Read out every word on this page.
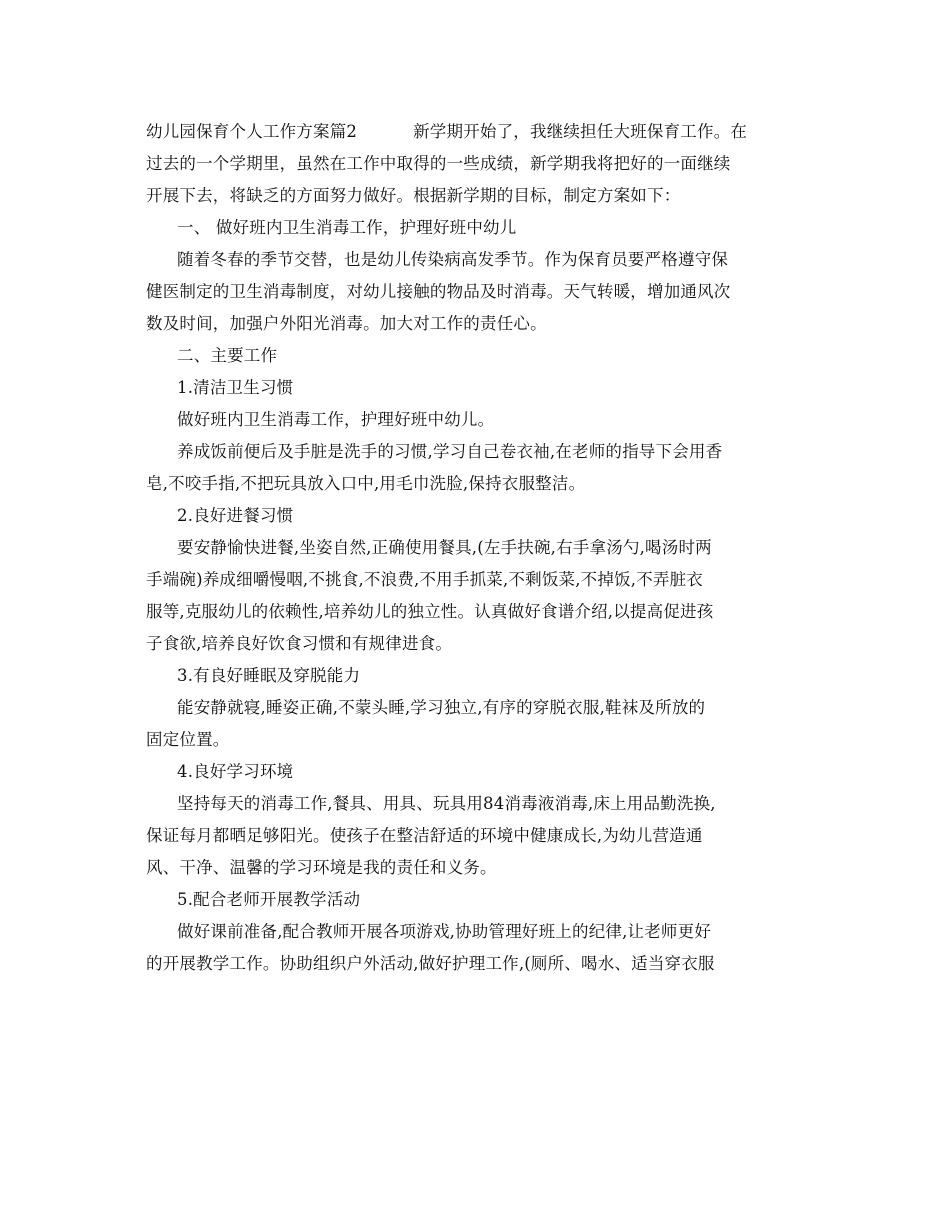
幼儿园保育个人工作方案篇2	新学期开始了，我继续担任大班保育工作。在
过去的一个学期里，虽然在工作中取得的一些成绩，新学期我将把好的一面继续
开展下去，将缺乏的方面努力做好。根据新学期的目标，制定方案如下：
一、 做好班内卫生消毒工作，护理好班中幼儿
随着冬春的季节交替，也是幼儿传染病高发季节。作为保育员要严格遵守保
健医制定的卫生消毒制度，对幼儿接触的物品及时消毒。天气转暖，增加通风次
数及时间，加强户外阳光消毒。加大对工作的责任心。
二、主要工作
1.清洁卫生习惯
做好班内卫生消毒工作，护理好班中幼儿。
养成饭前便后及手脏是洗手的习惯,学习自己卷衣袖,在老师的指导下会用香
皂,不咬手指,不把玩具放入口中,用毛巾洗脸,保持衣服整洁。
2.良好进餐习惯
要安静愉快进餐,坐姿自然,正确使用餐具,(左手扶碗,右手拿汤勺,喝汤时两
手端碗)养成细嚼慢咽,不挑食,不浪费,不用手抓菜,不剩饭菜,不掉饭,不弄脏衣
服等,克服幼儿的依赖性,培养幼儿的独立性。认真做好食谱介绍,以提高促进孩
子食欲,培养良好饮食习惯和有规律进食。
3.有良好睡眠及穿脱能力
能安静就寝,睡姿正确,不蒙头睡,学习独立,有序的穿脱衣服,鞋袜及所放的
固定位置。
4.良好学习环境
坚持每天的消毒工作,餐具、用具、玩具用84消毒液消毒,床上用品勤洗换,
保证每月都晒足够阳光。使孩子在整洁舒适的环境中健康成长,为幼儿营造通
风、干净、温馨的学习环境是我的责任和义务。
5.配合老师开展教学活动
做好课前准备,配合教师开展各项游戏,协助管理好班上的纪律,让老师更好
的开展教学工作。协助组织户外活动,做好护理工作,(厕所、喝水、适当穿衣服
